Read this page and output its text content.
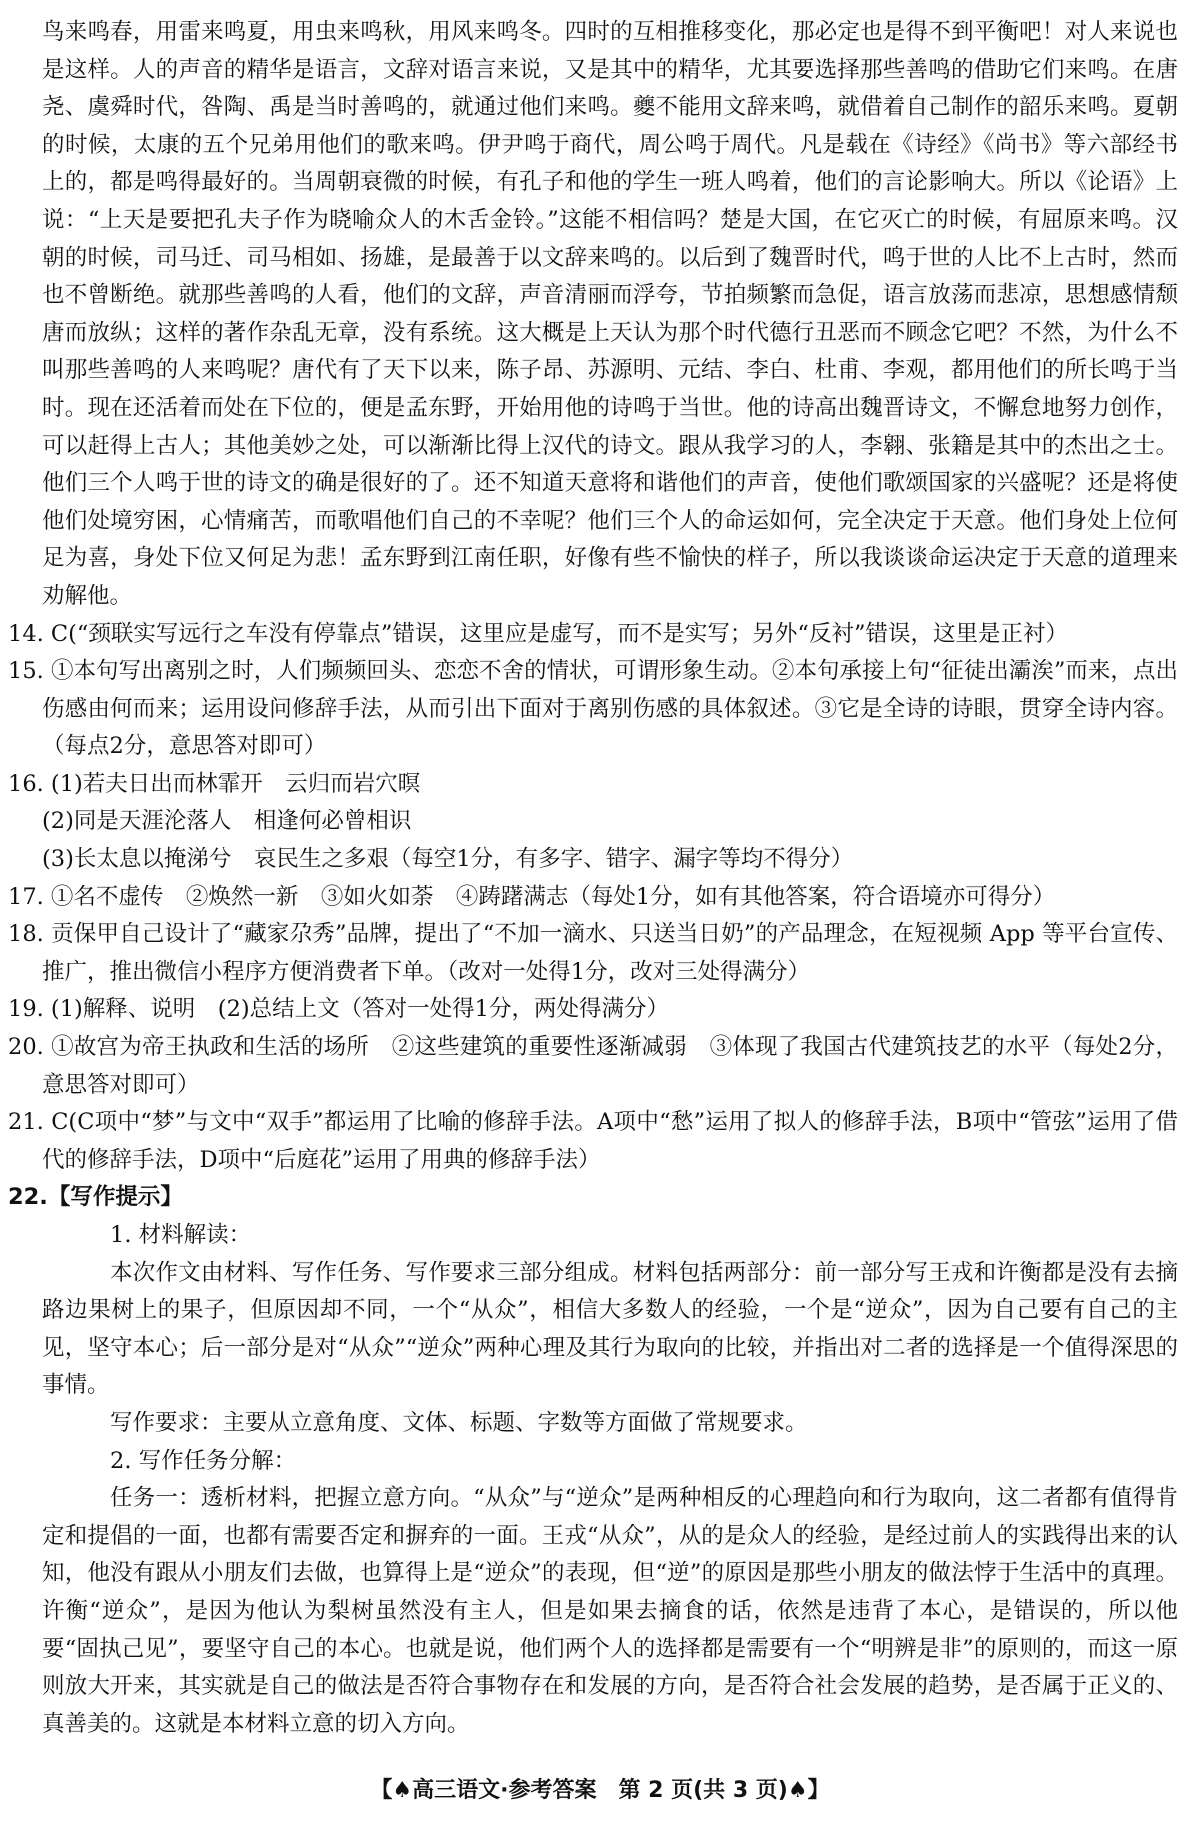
鸟来鸣春，用雷来鸣夏，用虫来鸣秋，用风来鸣冬。四时的互相推移变化，那必定也是得不到平衡吧！对人来说也是这样。人的声音的精华是语言，文辞对语言来说，又是其中的精华，尤其要选择那些善鸣的借助它们来鸣。在唐尧、虞舜时代，咎陶、禹是当时善鸣的，就通过他们来鸣。夔不能用文辞来鸣，就借着自己制作的韶乐来鸣。夏朝的时候，太康的五个兄弟用他们的歌来鸣。伊尹鸣于商代，周公鸣于周代。凡是载在《诗经》《尚书》等六部经书上的，都是鸣得最好的。当周朝衰微的时候，有孔子和他的学生一班人鸣着，他们的言论影响大。所以《论语》上说：“上天是要把孔夫子作为晓喻众人的木舌金铃。”这能不相信吗？楚是大国，在它灭亡的时候，有屈原来鸣。汉朝的时候，司马迁、司马相如、扬雄，是最善于以文辞来鸣的。以后到了魏晋时代，鸣于世的人比不上古时，然而也不曾断绝。就那些善鸣的人看，他们的文辞，声音清丽而浮夸，节拍频繁而急促，语言放荡而悲凉，思想感情颓唐而放纵；这样的著作杂乱无章，没有系统。这大概是上天认为那个时代德行丑恶而不顾念它吧？不然，为什么不叫那些善鸣的人来鸣呢？唐代有了天下以来，陈子昂、苏源明、元结、李白、杜甫、李观，都用他们的所长鸣于当时。现在还活着而处在下位的，便是孟东野，开始用他的诗鸣于当世。他的诗高出魏晋诗文，不懈怠地努力创作，可以赶得上古人；其他美妙之处，可以渐渐比得上汉代的诗文。跟从我学习的人，李翱、张籍是其中的杰出之士。他们三个人鸣于世的诗文的确是很好的了。还不知道天意将和谐他们的声音，使他们歌颂国家的兴盛呢？还是将使他们处境穷困，心情痛苦，而歌唱他们自己的不幸呢？他们三个人的命运如何，完全决定于天意。他们身处上位何足为喜，身处下位又何足为悲！孟东野到江南任职，好像有些不愉快的样子，所以我谈谈命运决定于天意的道理来劝解他。

14. C(“颈联实写远行之车没有停靠点”错误，这里应是虚写，而不是实写；另外“反衬”错误，这里是正衬）

15. ①本句写出离别之时，人们频频回头、恋恋不舍的情状，可谓形象生动。②本句承接上句“征徒出灞涘”而来，点出伤感由何而来；运用设问修辞手法，从而引出下面对于离别伤感的具体叙述。③它是全诗的诗眼，贯穿全诗内容。（每点2分，意思答对即可）

16. (1)若夫日出而林霏开　云归而岩穴暝

(2)同是天涯沦落人　相逢何必曾相识

(3)长太息以掩涕兮　哀民生之多艰（每空1分，有多字、错字、漏字等均不得分）

17. ①名不虚传　②焕然一新　③如火如荼　④踌躇满志（每处1分，如有其他答案，符合语境亦可得分）

18. 贡保甲自己设计了“藏家尕秀”品牌，提出了“不加一滴水、只送当日奶”的产品理念，在短视频 App 等平台宣传、推广，推出微信小程序方便消费者下单。（改对一处得1分，改对三处得满分）

19. (1)解释、说明　(2)总结上文（答对一处得1分，两处得满分）

20. ①故宫为帝王执政和生活的场所　②这些建筑的重要性逐渐减弱　③体现了我国古代建筑技艺的水平（每处2分，意思答对即可）

21. C(C项中“梦”与文中“双手”都运用了比喻的修辞手法。A项中“愁”运用了拟人的修辞手法，B项中“管弦”运用了借代的修辞手法，D项中“后庭花”运用了用典的修辞手法）

22.【写作提示】

1. 材料解读：

本次作文由材料、写作任务、写作要求三部分组成。材料包括两部分：前一部分写王戎和许衡都是没有去摘路边果树上的果子，但原因却不同，一个“从众”，相信大多数人的经验，一个是“逆众”，因为自己要有自己的主见，坚守本心；后一部分是对“从众”“逆众”两种心理及其行为取向的比较，并指出对二者的选择是一个值得深思的事情。

写作要求：主要从立意角度、文体、标题、字数等方面做了常规要求。

2. 写作任务分解：

任务一：透析材料，把握立意方向。“从众”与“逆众”是两种相反的心理趋向和行为取向，这二者都有值得肯定和提倡的一面，也都有需要否定和摒弃的一面。王戎“从众”，从的是众人的经验，是经过前人的实践得出来的认知，他没有跟从小朋友们去做，也算得上是“逆众”的表现，但“逆”的原因是那些小朋友的做法悖于生活中的真理。许衡“逆众”，是因为他认为梨树虽然没有主人，但是如果去摘食的话，依然是违背了本心，是错误的，所以他要“固执己见”，要坚守自己的本心。也就是说，他们两个人的选择都是需要有一个“明辨是非”的原则的，而这一原则放大开来，其实就是自己的做法是否符合事物存在和发展的方向，是否符合社会发展的趋势，是否属于正义的、真善美的。这就是本材料立意的切入方向。

【♠高三语文·参考答案　第 2 页(共 3 页)♠】
